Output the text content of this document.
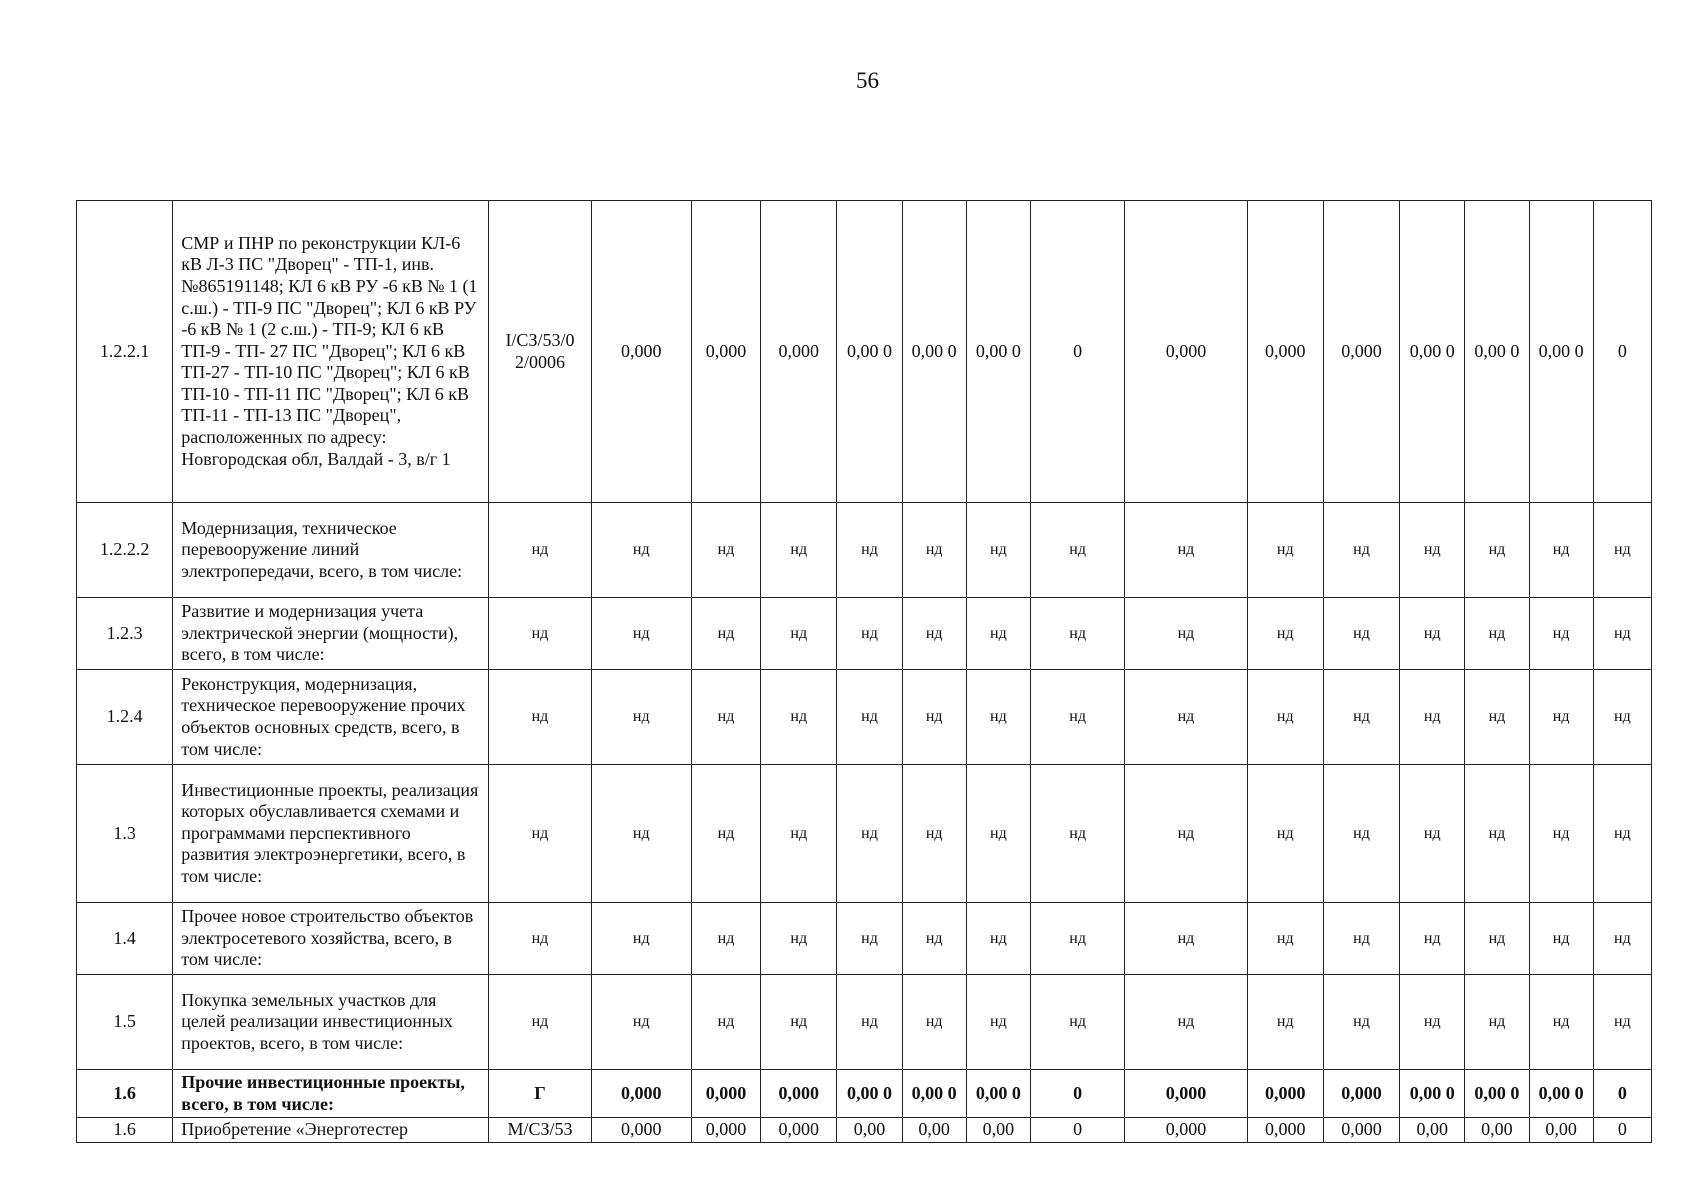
56
1.2.2.1	СМР и ПНР по реконструкции КЛ-6 кВ Л-3 ПС "Дворец" - ТП-1, инв. №865191148; КЛ 6 кВ РУ -6 кВ № 1 (1 с.ш.) - ТП-9 ПС "Дворец"; КЛ 6 кВ РУ -6 кВ № 1 (2 с.ш.) - ТП-9; КЛ 6 кВ ТП-9 - ТП- 27 ПС "Дворец"; КЛ 6 кВ ТП-27 - ТП-10 ПС "Дворец"; КЛ 6 кВ ТП-10 - ТП-11 ПС "Дворец"; КЛ 6 кВ ТП-11 - ТП-13 ПС "Дворец", расположенных по адресу: Новгородская обл, Валдай - 3, в/г 1	I/СЗ/53/0 2/0006	0,000	0,000	0,000	0,00 0	0,00 0	0,00 0	0	0,000	0,000	0,000	0,00 0	0,00 0	0,00 0	0
1.2.2.2	Модернизация, техническое перевооружение линий электропередачи, всего, в том числе:	нд	нд	нд	нд	нд	нд	нд	нд	нд	нд	нд	нд	нд	нд	нд
1.2.3	Развитие и модернизация учета электрической энергии (мощности), всего, в том числе:	нд	нд	нд	нд	нд	нд	нд	нд	нд	нд	нд	нд	нд	нд	нд
1.2.4	Реконструкция, модернизация, техническое перевооружение прочих объектов основных средств, всего, в том числе:	нд	нд	нд	нд	нд	нд	нд	нд	нд	нд	нд	нд	нд	нд	нд
1.3	Инвестиционные проекты, реализация которых обуславливается схемами и программами перспективного развития электроэнергетики, всего, в том числе:	нд	нд	нд	нд	нд	нд	нд	нд	нд	нд	нд	нд	нд	нд	нд
1.4	Прочее новое строительство объектов электросетевого хозяйства, всего, в том числе:	нд	нд	нд	нд	нд	нд	нд	нд	нд	нд	нд	нд	нд	нд	нд
1.5	Покупка земельных участков для целей реализации инвестиционных проектов, всего, в том числе:	нд	нд	нд	нд	нд	нд	нд	нд	нд	нд	нд	нд	нд	нд	нд
1.6	Прочие инвестиционные проекты, всего, в том числе:	Г	0,000	0,000	0,000	0,00 0	0,00 0	0,00 0	0	0,000	0,000	0,000	0,00 0	0,00 0	0,00 0	0
1.6	Приобретение «Энерготестер	М/СЗ/53	0,000	0,000	0,000	0,00	0,00	0,00	0	0,000	0,000	0,000	0,00	0,00	0,00	0
